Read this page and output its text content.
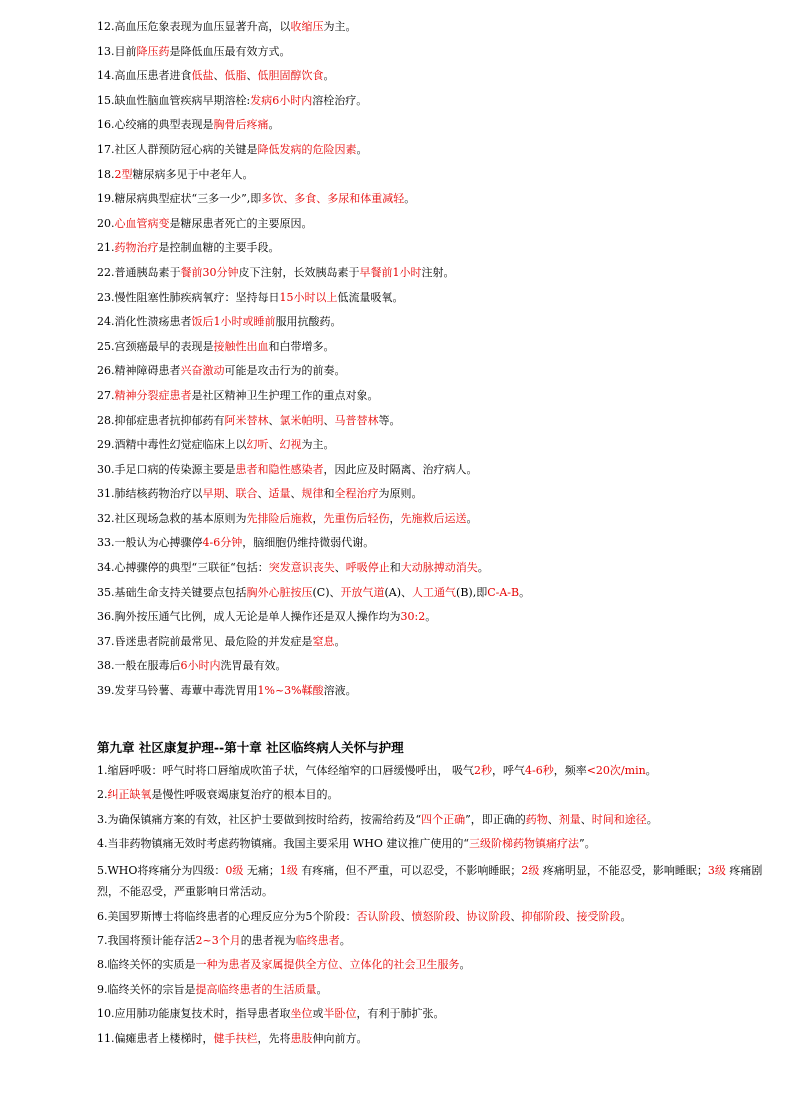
12.高血压危象表现为血压显著升高，以收缩压为主。
13.目前降压药是降低血压最有效方式。
14.高血压患者进食低盐、低脂、低胆固醇饮食。
15.缺血性脑血管疾病早期溶栓:发病6小时内溶栓治疗。
16.心绞痛的典型表现是胸骨后疼痛。
17.社区人群预防冠心病的关键是降低发病的危险因素。
18.2型糖尿病多见于中老年人。
19.糖尿病典型症状“三多一少”,即多饮、多食、多尿和体重减轻。
20.心血管病变是糖尿患者死亡的主要原因。
21.药物治疗是控制血糖的主要手段。
22.普通胰岛素于餐前30分钟皮下注射，长效胰岛素于早餐前1小时注射。
23.慢性阻塞性肺疾病氧疗：坚持每日15小时以上低流量吸氧。
24.消化性溃疡患者饭后1小时或睡前服用抗酸药。
25.宫颈癌最早的表现是接触性出血和白带增多。
26.精神障碍患者兴奋激动可能是攻击行为的前奏。
27.精神分裂症患者是社区精神卫生护理工作的重点对象。
28.抑郁症患者抗抑郁药有阿米替林、氯米帕明、马普替林等。
29.酒精中毒性幻觉症临床上以幻听、幻视为主。
30.手足口病的传染源主要是患者和隐性感染者，因此应及时隔离、治疗病人。
31.肺结核药物治疗以早期、联合、适量、规律和全程治疗为原则。
32.社区现场急救的基本原则为先排险后施救，先重伤后轻伤，先施救后运送。
33.一般认为心搏骤停4-6分钟，脑细胞仍维持微弱代谢。
34.心搏骤停的典型“三联征“包括：突发意识丧失、呼吸停止和大动脉搏动消失。
35.基础生命支持关键要点包括胸外心脏按压(C)、开放气道(A)、人工通气(B),即C-A-B。
36.胸外按压通气比例，成人无论是单人操作还是双人操作均为30:2。
37.昏迷患者院前最常见、最危险的并发症是窒息。
38.一般在服毒后6小时内洗胃最有效。
39.发芽马铃薯、毒蕈中毒洗胃用1%~3%鞣酸溶液。
第九章 社区康复护理--第十章 社区临终病人关怀与护理
1.缩唇呼吸：呼气时将口唇缩成吹笛子状，气体经缩窄的口唇缓慢呼出， 吸气2秒，呼气4-6秒，频率<20次/min。
2.纠正缺氧是慢性呼吸衰竭康复治疗的根本目的。
3.为确保镇痛方案的有效，社区护士要做到按时给药，按需给药及“四个正确”，即正确的药物、剂量、时间和途径。
4.当非药物镇痛无效时考虑药物镇痛。我国主要采用 WHO 建议推广使用的“三级阶梯药物镇痛疗法”。
5.WHO将疼痛分为四级：0级 无痛；1级 有疼痛，但不严重，可以忍受，不影响睡眠；2级 疼痛明显，不能忍受，影响睡眠；3级 疼痛剧烈，不能忍受，严重影响日常活动。
6.美国罗斯博士将临终患者的心理反应分为5个阶段：否认阶段、愤怒阶段、协议阶段、抑郁阶段、接受阶段。
7.我国将预计能存活2~3个月的患者视为临终患者。
8.临终关怀的实质是一种为患者及家属提供全方位、立体化的社会卫生服务。
9.临终关怀的宗旨是提高临终患者的生活质量。
10.应用肺功能康复技术时，指导患者取坐位或半卧位，有利于肺扩张。
11.偏瘫患者上楼梯时，健手扶栏，先将患肢伸向前方。
